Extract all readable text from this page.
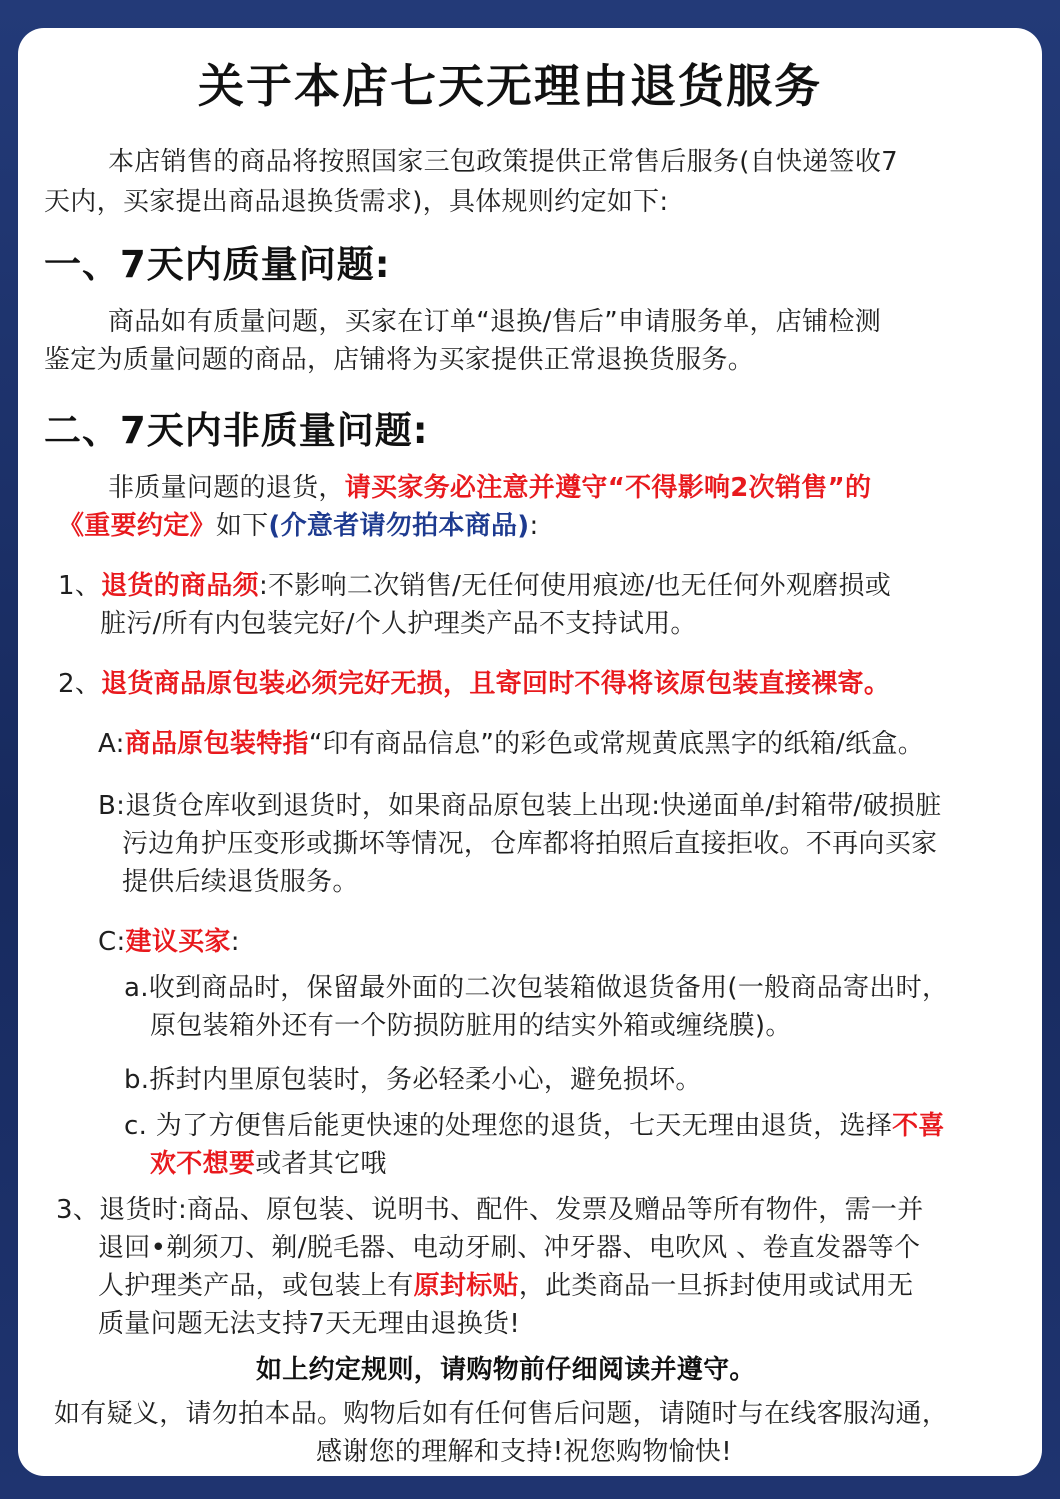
关于本店七天无理由退货服务
本店销售的商品将按照国家三包政策提供正常售后服务(自快递签收7
天内，买家提出商品退换货需求)，具体规则约定如下:
一、7天内质量问题:
商品如有质量问题，买家在订单“退换/售后”申请服务单，店铺检测
鉴定为质量问题的商品，店铺将为买家提供正常退换货服务。
二、7天内非质量问题:
非质量问题的退货，请买家务必注意并遵守“不得影响2次销售”的
《重要约定》如下(介意者请勿拍本商品):
1、退货的商品须:不影响二次销售/无任何使用痕迹/也无任何外观磨损或
脏污/所有内包装完好/个人护理类产品不支持试用。
2、退货商品原包装必须完好无损，且寄回时不得将该原包装直接裸寄。
A:商品原包装特指“印有商品信息”的彩色或常规黄底黑字的纸箱/纸盒。
B:退货仓库收到退货时，如果商品原包装上出现:快递面单/封箱带/破损脏
污边角护压变形或撕坏等情况，仓库都将拍照后直接拒收。不再向买家
提供后续退货服务。
C:建议买家:
a.收到商品时，保留最外面的二次包装箱做退货备用(一般商品寄出时，
原包装箱外还有一个防损防脏用的结实外箱或缠绕膜)。
b.拆封内里原包装时，务必轻柔小心，避免损坏。
c. 为了方便售后能更快速的处理您的退货，七天无理由退货，选择不喜
欢不想要或者其它哦
3、退货时:商品、原包装、说明书、配件、发票及赠品等所有物件，需一并
退回•剃须刀、剃/脱毛器、电动牙刷、冲牙器、电吹风 、卷直发器等个
人护理类产品，或包装上有原封标贴，此类商品一旦拆封使用或试用无
质量问题无法支持7天无理由退换货!
如上约定规则，请购物前仔细阅读并遵守。
如有疑义，请勿拍本品。购物后如有任何售后问题，请随时与在线客服沟通，
感谢您的理解和支持!祝您购物愉快!
